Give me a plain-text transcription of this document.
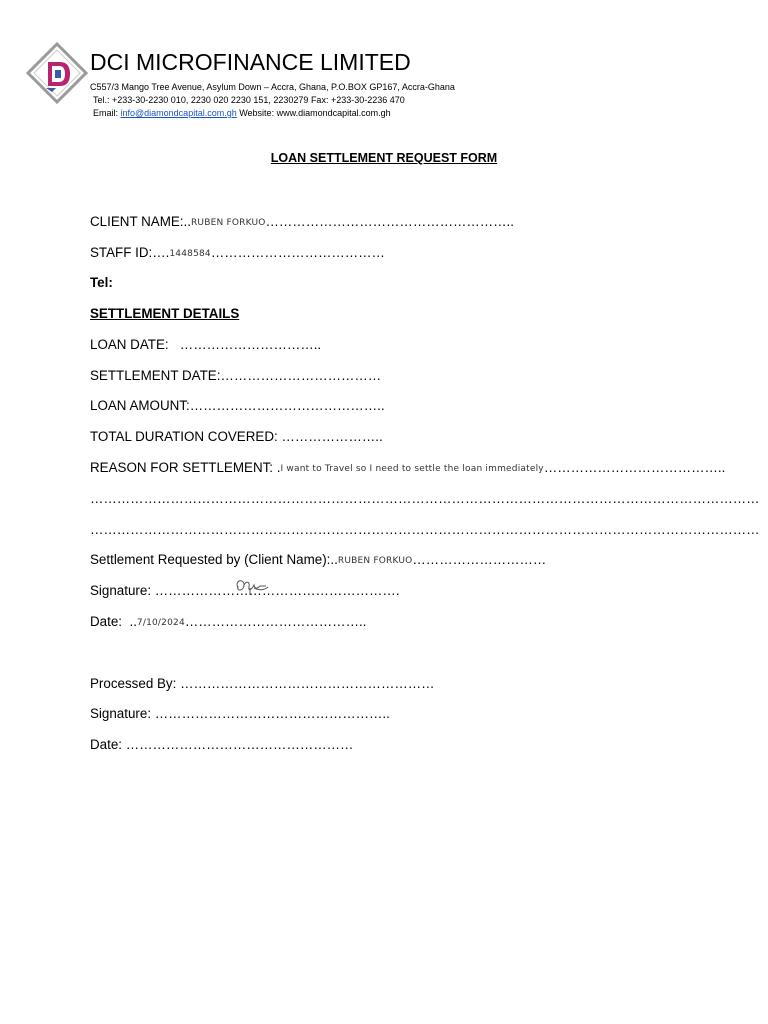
DCI MICROFINANCE LIMITED
C557/3 Mango Tree Avenue, Asylum Down – Accra, Ghana, P.O.BOX GP167, Accra-Ghana
Tel.: +233-30-2230 010, 2230 020 2230 151, 2230279 Fax: +233-30-2236 470
Email: info@diamondcapital.com.gh Website: www.diamondcapital.com.gh
LOAN SETTLEMENT REQUEST FORM
CLIENT NAME:..RUBEN FORKUO………………………………………………..
STAFF ID:….1448584…………………………………
Tel:
SETTLEMENT DETAILS
LOAN DATE: …………………………..
SETTLEMENT DATE:………………………………
LOAN AMOUNT:……………………………………..
TOTAL DURATION COVERED: …………………..
REASON FOR SETTLEMENT: .I want to Travel so I need to settle the loan immediately…………………………………..
……………………………………………………………………………………………………………………………………
……………………………………………………………………………………………………………………………………
Settlement Requested by (Client Name):..RUBEN FORKUO…………………………
Signature: ……………………………………………….
Date: ..7/10/2024…………………………………..
Processed By: …………………………………………………
Signature: ……………………………………………..
Date: ……………………………………………
